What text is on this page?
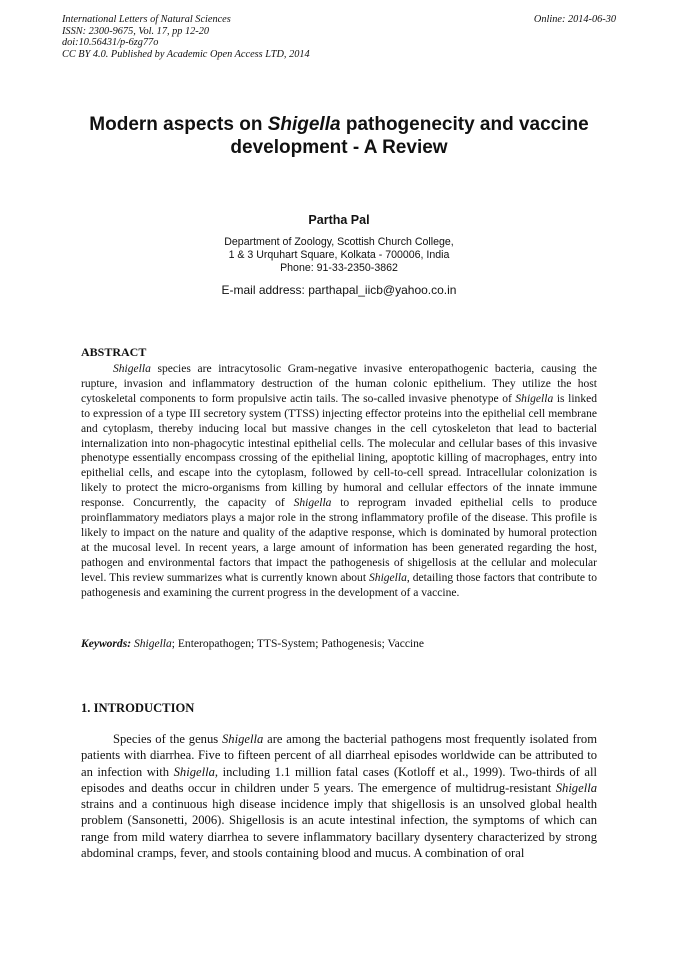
International Letters of Natural Sciences
ISSN: 2300-9675, Vol. 17, pp 12-20
doi:10.56431/p-6zg77o
CC BY 4.0. Published by Academic Open Access LTD, 2014
Online: 2014-06-30
Modern aspects on Shigella pathogenecity and vaccine development - A Review
Partha Pal
Department of Zoology, Scottish Church College,
1 & 3 Urquhart Square, Kolkata - 700006, India
Phone: 91-33-2350-3862
E-mail address: parthapal_iicb@yahoo.co.in
ABSTRACT

Shigella species are intracytosolic Gram-negative invasive enteropathogenic bacteria, causing the rupture, invasion and inflammatory destruction of the human colonic epithelium. They utilize the host cytoskeletal components to form propulsive actin tails. The so-called invasive phenotype of Shigella is linked to expression of a type III secretory system (TTSS) injecting effector proteins into the epithelial cell membrane and cytoplasm, thereby inducing local but massive changes in the cell cytoskeleton that lead to bacterial internalization into non-phagocytic intestinal epithelial cells. The molecular and cellular bases of this invasive phenotype essentially encompass crossing of the epithelial lining, apoptotic killing of macrophages, entry into epithelial cells, and escape into the cytoplasm, followed by cell-to-cell spread. Intracellular colonization is likely to protect the micro-organisms from killing by humoral and cellular effectors of the innate immune response. Concurrently, the capacity of Shigella to reprogram invaded epithelial cells to produce proinflammatory mediators plays a major role in the strong inflammatory profile of the disease. This profile is likely to impact on the nature and quality of the adaptive response, which is dominated by humoral protection at the mucosal level. In recent years, a large amount of information has been generated regarding the host, pathogen and environmental factors that impact the pathogenesis of shigellosis at the cellular and molecular level. This review summarizes what is currently known about Shigella, detailing those factors that contribute to pathogenesis and examining the current progress in the development of a vaccine.

Keywords: Shigella; Enteropathogen; TTS-System; Pathogenesis; Vaccine

1. INTRODUCTION

Species of the genus Shigella are among the bacterial pathogens most frequently isolated from patients with diarrhea. Five to fifteen percent of all diarrheal episodes worldwide can be attributed to an infection with Shigella, including 1.1 million fatal cases (Kotloff et al., 1999). Two-thirds of all episodes and deaths occur in children under 5 years. The emergence of multidrug-resistant Shigella strains and a continuous high disease incidence imply that shigellosis is an unsolved global health problem (Sansonetti, 2006). Shigellosis is an acute intestinal infection, the symptoms of which can range from mild watery diarrhea to severe inflammatory bacillary dysentery characterized by strong abdominal cramps, fever, and stools containing blood and mucus. A combination of oral
